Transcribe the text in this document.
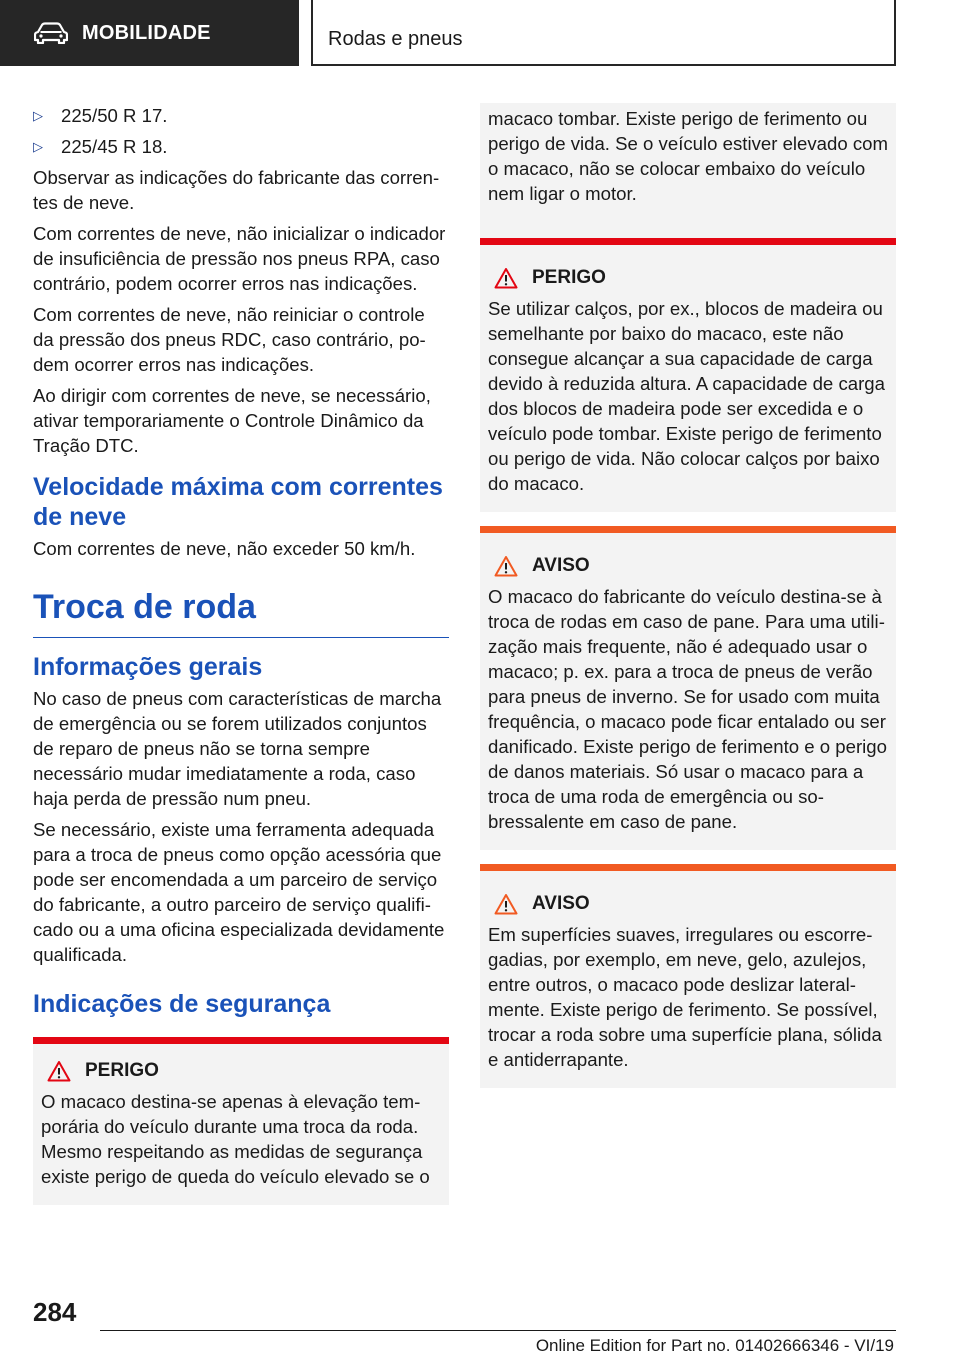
MOBILIDADE	Rodas e pneus
▷ 225/50 R 17.
▷ 225/45 R 18.

Observar as indicações do fabricante das correntes de neve.

Com correntes de neve, não inicializar o indicador de insuficiência de pressão nos pneus RPA, caso contrário, podem ocorrer erros nas indicações.

Com correntes de neve, não reiniciar o controle da pressão dos pneus RDC, caso contrário, podem ocorrer erros nas indicações.

Ao dirigir com correntes de neve, se necessário, ativar temporariamente o Controle Dinâmico da Tração DTC.

Velocidade máxima com correntes de neve

Com correntes de neve, não exceder 50 km/h.

Troca de roda
Informações gerais

No caso de pneus com características de marcha de emergência ou se forem utilizados conjuntos de reparo de pneus não se torna sempre necessário mudar imediatamente a roda, caso haja perda de pressão num pneu.

Se necessário, existe uma ferramenta adequada para a troca de pneus como opção acessória que pode ser encomendada a um parceiro de serviço do fabricante, a outro parceiro de serviço qualificado ou a uma oficina especializada devidamente qualificada.

Indicações de segurança
PERIGO

O macaco destina-se apenas à elevação temporária do veículo durante uma troca da roda. Mesmo respeitando as medidas de segurança existe perigo de queda do veículo elevado se o

macaco tombar. Existe perigo de ferimento ou perigo de vida. Se o veículo estiver elevado com o macaco, não se colocar embaixo do veículo nem ligar o motor.

PERIGO

Se utilizar calços, por ex., blocos de madeira ou semelhante por baixo do macaco, este não consegue alcançar a sua capacidade de carga devido à reduzida altura. A capacidade de carga dos blocos de madeira pode ser excedida e o veículo pode tombar. Existe perigo de ferimento ou perigo de vida. Não colocar calços por baixo do macaco.

AVISO

O macaco do fabricante do veículo destina-se à troca de rodas em caso de pane. Para uma utilização mais frequente, não é adequado usar o macaco; p. ex. para a troca de pneus de verão para pneus de inverno. Se for usado com muita frequência, o macaco pode ficar entalado ou ser danificado. Existe perigo de ferimento e o perigo de danos materiais. Só usar o macaco para a troca de uma roda de emergência ou sobressalente em caso de pane.

AVISO

Em superfícies suaves, irregulares ou escorregadias, por exemplo, em neve, gelo, azulejos, entre outros, o macaco pode deslizar lateralmente. Existe perigo de ferimento. Se possível, trocar a roda sobre uma superfície plana, sólida e antiderrapante.

284
Online Edition for Part no. 01402666346 - VI/19
